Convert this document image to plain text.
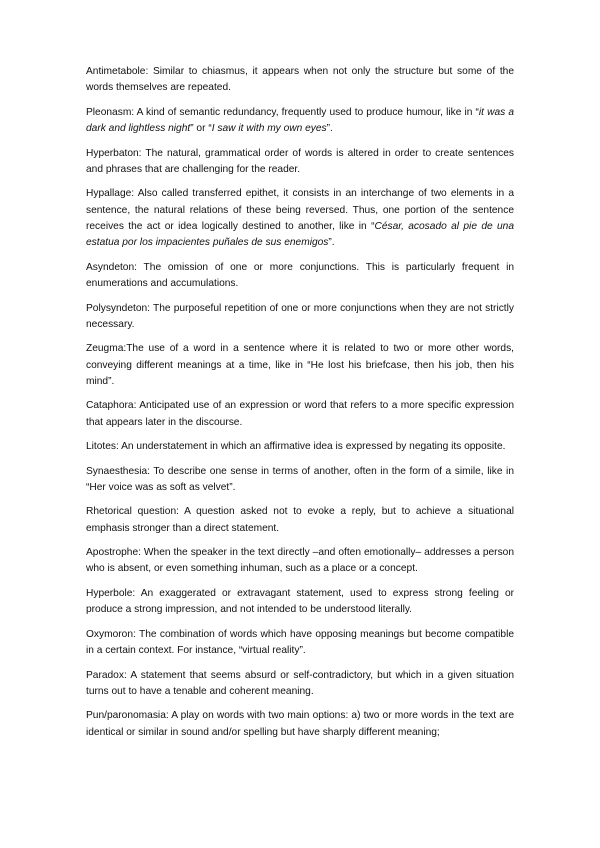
Antimetabole: Similar to chiasmus, it appears when not only the structure but some of the words themselves are repeated.

Pleonasm: A kind of semantic redundancy, frequently used to produce humour, like in “it was a dark and lightless night” or “I saw it with my own eyes”.

Hyperbaton: The natural, grammatical order of words is altered in order to create sentences and phrases that are challenging for the reader.

Hypallage: Also called transferred epithet, it consists in an interchange of two elements in a sentence, the natural relations of these being reversed. Thus, one portion of the sentence receives the act or idea logically destined to another, like in “César, acosado al pie de una estatua por los impacientes puñales de sus enemigos”.

Asyndeton: The omission of one or more conjunctions. This is particularly frequent in enumerations and accumulations.

Polysyndeton: The purposeful repetition of one or more conjunctions when they are not strictly necessary.

Zeugma:The use of a word in a sentence where it is related to two or more other words, conveying different meanings at a time, like in “He lost his briefcase, then his job, then his mind”.

Cataphora: Anticipated use of an expression or word that refers to a more specific expression that appears later in the discourse.

Litotes: An understatement in which an affirmative idea is expressed by negating its opposite.

Synaesthesia: To describe one sense in terms of another, often in the form of a simile, like in “Her voice was as soft as velvet”.

Rhetorical question: A question asked not to evoke a reply, but to achieve a situational emphasis stronger than a direct statement.

Apostrophe: When the speaker in the text directly –and often emotionally– addresses a person who is absent, or even something inhuman, such as a place or a concept.

Hyperbole: An exaggerated or extravagant statement, used to express strong feeling or produce a strong impression, and not intended to be understood literally.

Oxymoron: The combination of words which have opposing meanings but become compatible in a certain context. For instance, “virtual reality”.

Paradox: A statement that seems absurd or self-contradictory, but which in a given situation turns out to have a tenable and coherent meaning.

Pun/paronomasia: A play on words with two main options: a) two or more words in the text are identical or similar in sound and/or spelling but have sharply different meaning;
